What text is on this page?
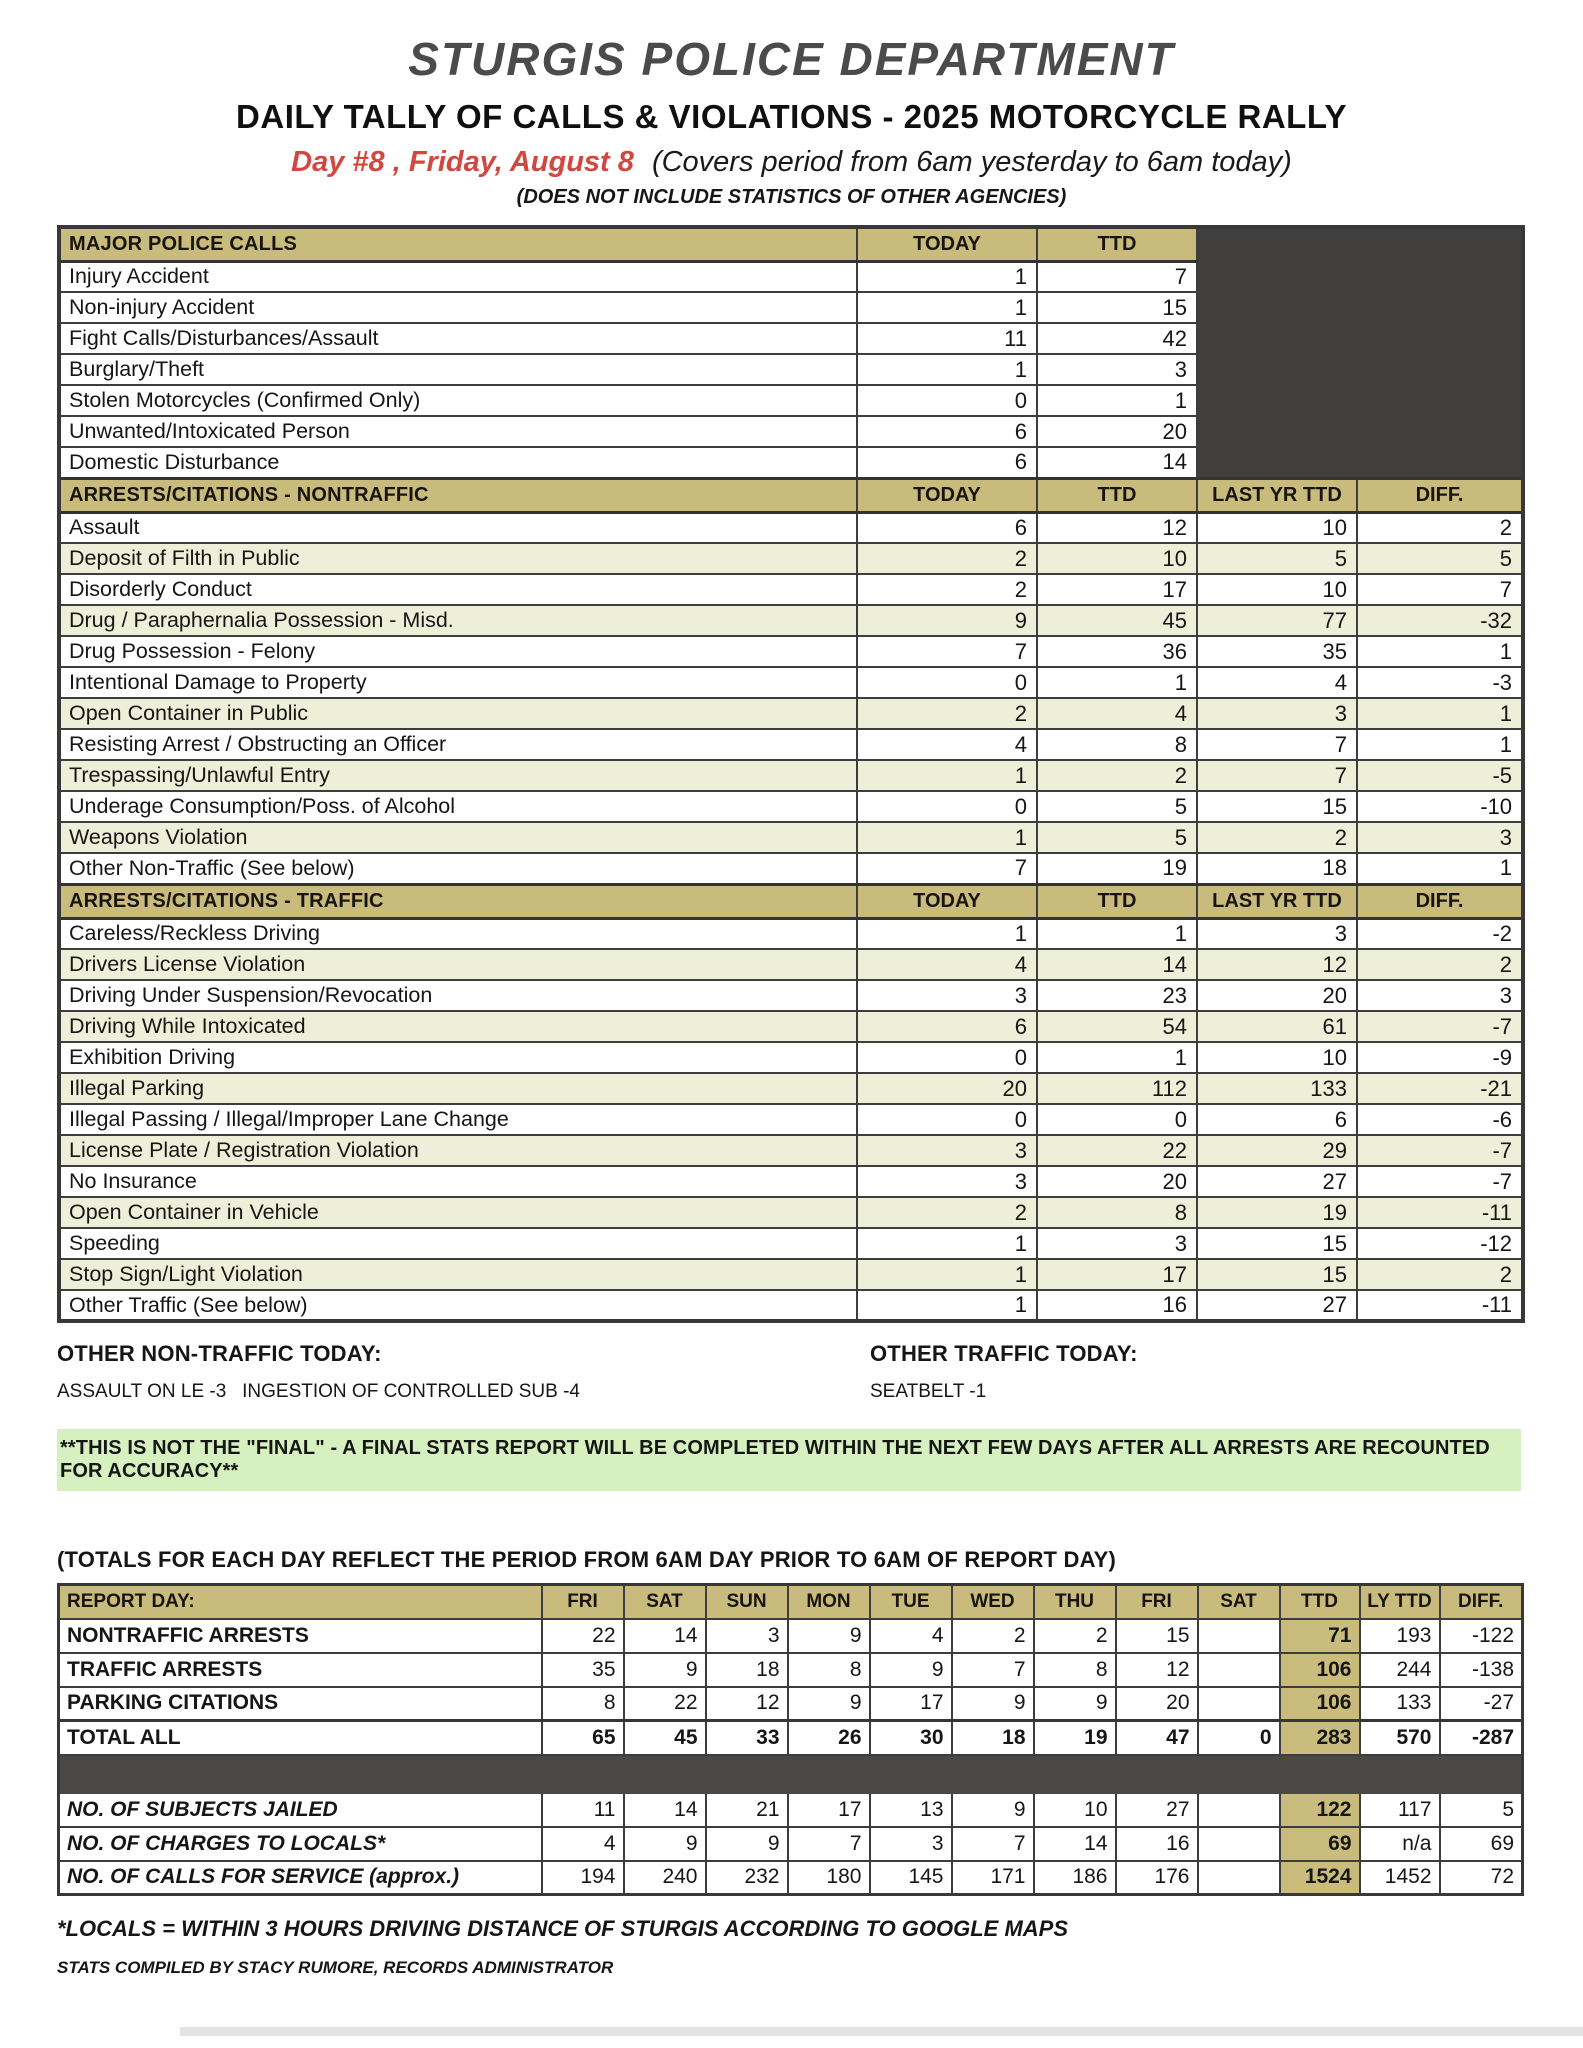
STURGIS POLICE DEPARTMENT
DAILY TALLY OF CALLS & VIOLATIONS - 2025 MOTORCYCLE RALLY
Day #8 , Friday, August 8 (Covers period from 6am yesterday to 6am today)
(DOES NOT INCLUDE STATISTICS OF OTHER AGENCIES)
MAJOR POLICE CALLS	TODAY	TTD		
Injury Accident	1	7		
Non-injury Accident	1	15		
Fight Calls/Disturbances/Assault	11	42		
Burglary/Theft	1	3		
Stolen Motorcycles (Confirmed Only)	0	1		
Unwanted/Intoxicated Person	6	20		
Domestic Disturbance	6	14		
ARRESTS/CITATIONS - NONTRAFFIC	TODAY	TTD	LAST YR TTD	DIFF.
Assault	6	12	10	2
Deposit of Filth in Public	2	10	5	5
Disorderly Conduct	2	17	10	7
Drug / Paraphernalia Possession - Misd.	9	45	77	-32
Drug Possession - Felony	7	36	35	1
Intentional Damage to Property	0	1	4	-3
Open Container in Public	2	4	3	1
Resisting Arrest / Obstructing an Officer	4	8	7	1
Trespassing/Unlawful Entry	1	2	7	-5
Underage Consumption/Poss. of Alcohol	0	5	15	-10
Weapons Violation	1	5	2	3
Other Non-Traffic (See below)	7	19	18	1
ARRESTS/CITATIONS - TRAFFIC	TODAY	TTD	LAST YR TTD	DIFF.
Careless/Reckless Driving	1	1	3	-2
Drivers License Violation	4	14	12	2
Driving Under Suspension/Revocation	3	23	20	3
Driving While Intoxicated	6	54	61	-7
Exhibition Driving	0	1	10	-9
Illegal Parking	20	112	133	-21
Illegal Passing / Illegal/Improper Lane Change	0	0	6	-6
License Plate / Registration Violation	3	22	29	-7
No Insurance	3	20	27	-7
Open Container in Vehicle	2	8	19	-11
Speeding	1	3	15	-12
Stop Sign/Light Violation	1	17	15	2
Other Traffic (See below)	1	16	27	-11
OTHER NON-TRAFFIC TODAY:
ASSAULT ON LE -3   INGESTION OF CONTROLLED SUB -4
OTHER TRAFFIC TODAY:
SEATBELT -1
**THIS IS NOT THE "FINAL" - A FINAL STATS REPORT WILL BE COMPLETED WITHIN THE NEXT FEW DAYS AFTER ALL ARRESTS ARE RECOUNTED FOR ACCURACY**
(TOTALS FOR EACH DAY REFLECT THE PERIOD FROM 6AM DAY PRIOR TO 6AM OF REPORT DAY)
REPORT DAY:	FRI	SAT	SUN	MON	TUE	WED	THU	FRI	SAT	TTD	LY TTD	DIFF.
NONTRAFFIC ARRESTS	22	14	3	9	4	2	2	15		71	193	-122
TRAFFIC ARRESTS	35	9	18	8	9	7	8	12		106	244	-138
PARKING CITATIONS	8	22	12	9	17	9	9	20		106	133	-27
TOTAL ALL	65	45	33	26	30	18	19	47	0	283	570	-287

NO. OF SUBJECTS JAILED	11	14	21	17	13	9	10	27		122	117	5
NO. OF CHARGES TO LOCALS*	4	9	9	7	3	7	14	16		69	n/a	69
NO. OF CALLS FOR SERVICE (approx.)	194	240	232	180	145	171	186	176		1524	1452	72
*LOCALS = WITHIN 3 HOURS DRIVING DISTANCE OF STURGIS ACCORDING TO GOOGLE MAPS
STATS COMPILED BY STACY RUMORE, RECORDS ADMINISTRATOR
